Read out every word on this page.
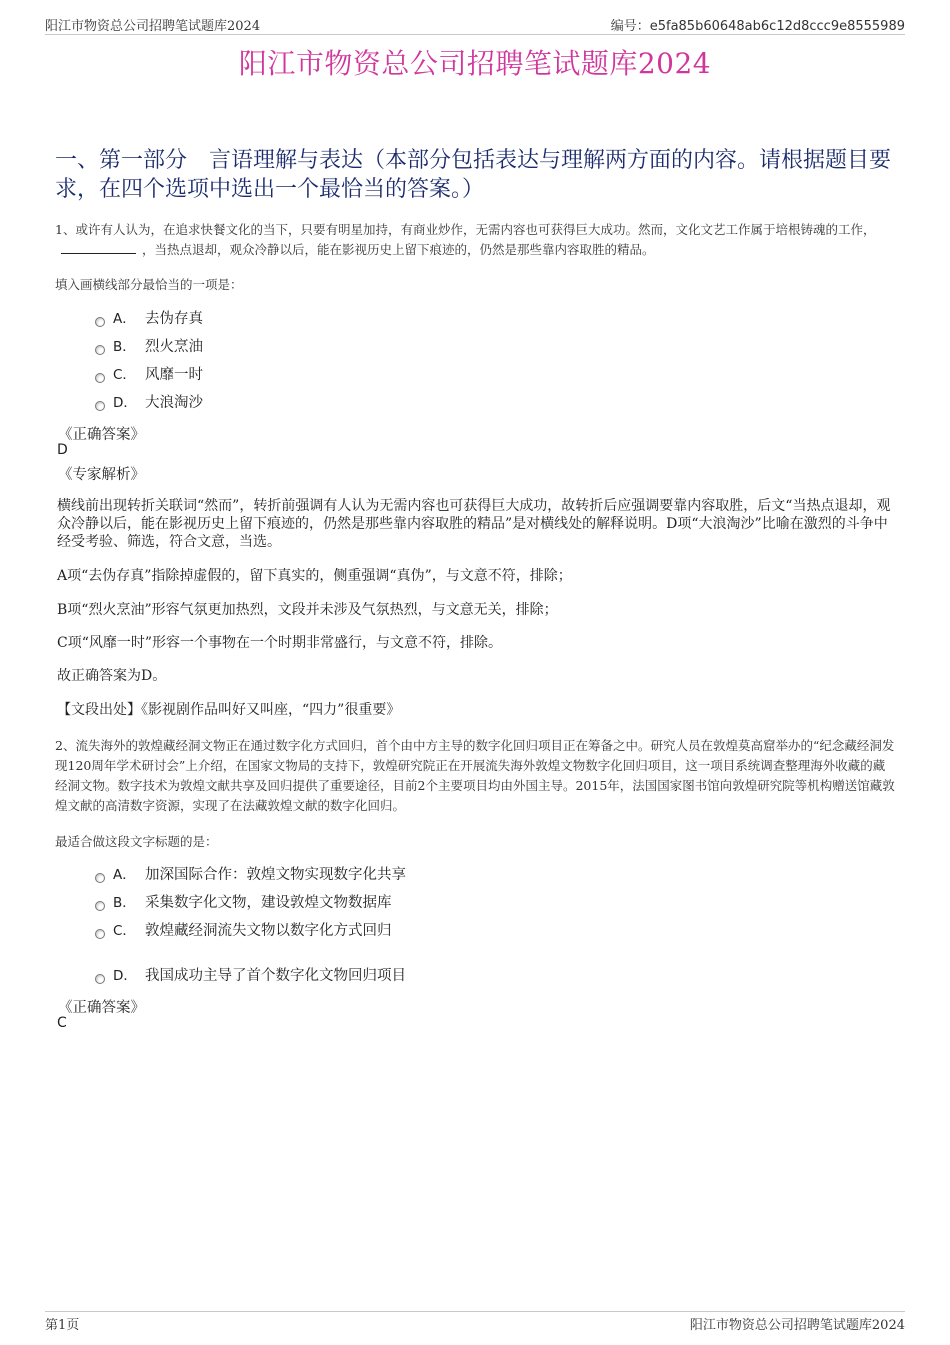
阳江市物资总公司招聘笔试题库2024	编号：e5fa85b60648ab6c12d8ccc9e8555989
阳江市物资总公司招聘笔试题库2024
一、第一部分　言语理解与表达（本部分包括表达与理解两方面的内容。请根据题目要求，在四个选项中选出一个最恰当的答案。）
1、或许有人认为，在追求快餐文化的当下，只要有明星加持，有商业炒作，无需内容也可获得巨大成功。然而，文化文艺工作属于培根铸魂的工作，，当热点退却，观众冷静以后，能在影视历史上留下痕迹的，仍然是那些靠内容取胜的精品。
填入画横线部分最恰当的一项是：
A． 去伪存真
B． 烈火烹油
C． 风靡一时
D． 大浪淘沙
《正确答案》
D
《专家解析》
横线前出现转折关联词“然而”，转折前强调有人认为无需内容也可获得巨大成功，故转折后应强调要靠内容取胜，后文“当热点退却，观众冷静以后，能在影视历史上留下痕迹的，仍然是那些靠内容取胜的精品”是对横线处的解释说明。D项“大浪淘沙”比喻在激烈的斗争中经受考验、筛选，符合文意，当选。
A项“去伪存真”指除掉虚假的，留下真实的，侧重强调“真伪”，与文意不符，排除；
B项“烈火烹油”形容气氛更加热烈，文段并未涉及气氛热烈，与文意无关，排除；
C项“风靡一时”形容一个事物在一个时期非常盛行，与文意不符，排除。
故正确答案为D。
【文段出处】《影视剧作品叫好又叫座，“四力”很重要》
2、流失海外的敦煌藏经洞文物正在通过数字化方式回归，首个由中方主导的数字化回归项目正在筹备之中。研究人员在敦煌莫高窟举办的“纪念藏经洞发现120周年学术研讨会”上介绍，在国家文物局的支持下，敦煌研究院正在开展流失海外敦煌文物数字化回归项目，这一项目系统调查整理海外收藏的藏经洞文物。数字技术为敦煌文献共享及回归提供了重要途径，目前2个主要项目均由外国主导。2015年，法国国家图书馆向敦煌研究院等机构赠送馆藏敦煌文献的高清数字资源，实现了在法藏敦煌文献的数字化回归。
最适合做这段文字标题的是：
A． 加深国际合作：敦煌文物实现数字化共享
B． 采集数字化文物，建设敦煌文物数据库
C． 敦煌藏经洞流失文物以数字化方式回归
D． 我国成功主导了首个数字化文物回归项目
《正确答案》
C
第1页	阳江市物资总公司招聘笔试题库2024
